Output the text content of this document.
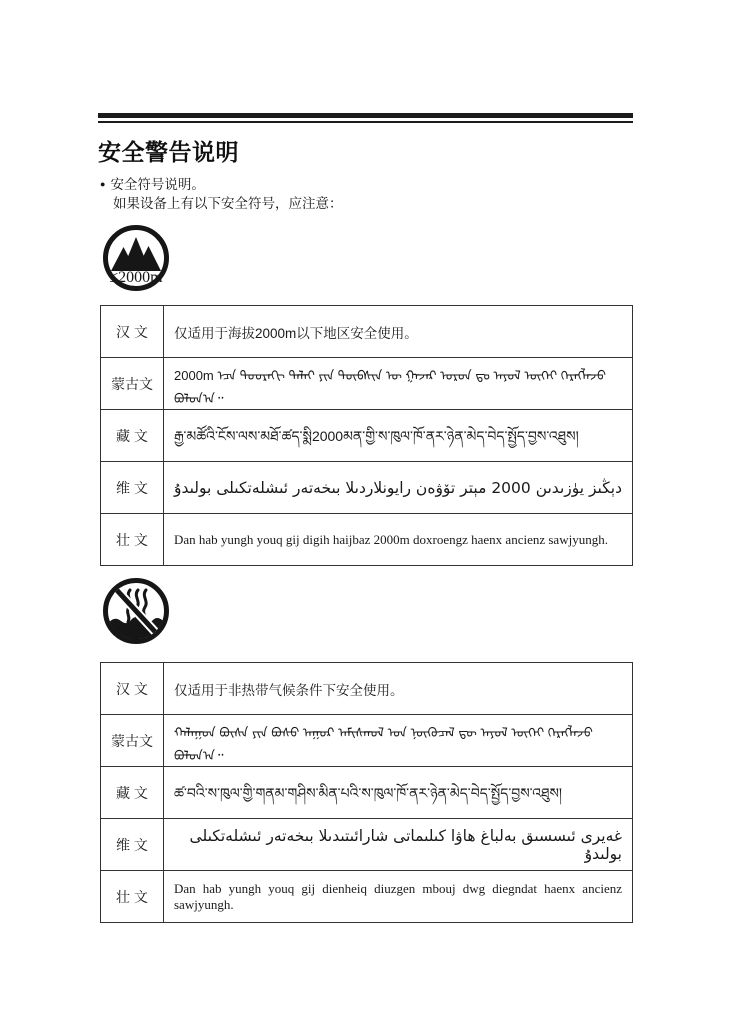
安全警告说明
● 安全符号说明。
如果设备上有以下安全符号，应注意：
≤2000m
汉 文	仅适用于海拔2000m以下地区安全使用。
蒙古文	2000m ᠡᠴᠡ ᠳᠣᠣᠷᠠᠬᠢ ᠳᠠᠯᠠᠢ ᠶᠢᠨ ᠲᠦᠪᠰᠢᠨ ᠦ ᠭᠠᠵᠠᠷ ᠣᠷᠣᠨ ᠳᠤ ᠠᠶᠤᠯ ᠦᠭᠡᠢ ᠬᠡᠷᠡᠭᠯᠡᠵᠦ ᠪᠣᠯᠤᠨ᠎ᠠ᠃
藏 文	རྒྱ་མཚོའི་ངོས་ལས་མཐོ་ཚད་སྨི2000མན་གྱི་ས་ཁུལ་ཁོ་ནར་ཉེན་མེད་བེད་སྤྱོད་བྱས་འཐུས།
维 文	دېڭىز يۈزىدىن 2000 مېتر تۆۋەن رايونلاردىلا بىخەتەر ئىشلەتكىلى بولىدۇ
壮 文	Dan hab yungh youq gij digih haijbaz 2000m doxroengz haenx ancienz sawjyungh.
汉 文	仅适用于非热带气候条件下安全使用。
蒙古文	ᠬᠠᠯᠠᠭᠤᠨ ᠪᠦᠰᠡ ᠶᠢᠨ ᠪᠤᠰᠤ ᠠᠭᠤᠷ ᠠᠮᠢᠰᠬᠤᠯ ᠤᠨ ᠨᠥᠬᠥᠴᠡᠯ ᠳᠦ ᠠᠶᠤᠯ ᠦᠭᠡᠢ ᠬᠡᠷᠡᠭᠯᠡᠵᠦ ᠪᠣᠯᠤᠨ᠎ᠠ᠃
藏 文	ཚ་བའི་ས་ཁུལ་གྱི་གནམ་གཤིས་མིན་པའི་ས་ཁུལ་ཁོ་ནར་ཉེན་མེད་བེད་སྤྱོད་བྱས་འཐུས།
维 文	غەيرى ئىسسىق بەلباغ ھاۋا كىلىماتى شارائىتىدىلا بىخەتەر ئىشلەتكىلى بولىدۇ
壮 文	Dan hab yungh youq gij dienheiq diuzgen mbouj dwg diegndat haenx ancienz sawjyungh.
